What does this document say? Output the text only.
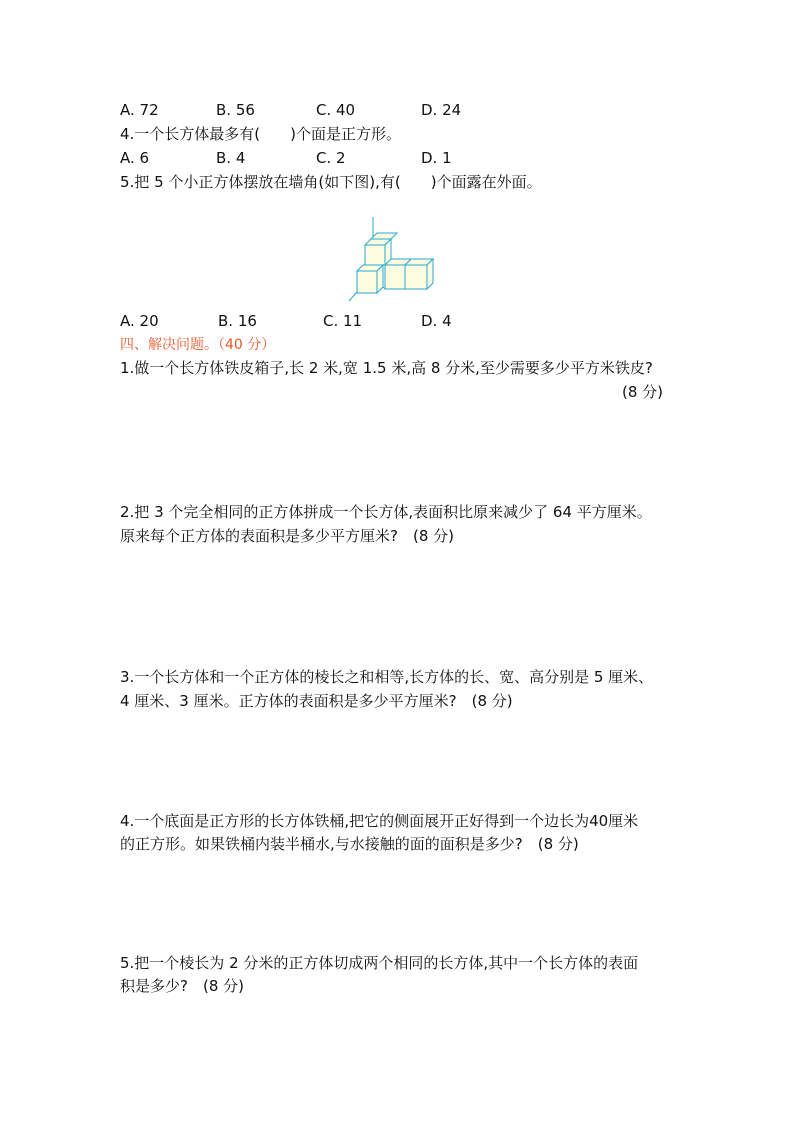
A. 72	B. 56	C. 40	D. 24
4.一个长方体最多有(　　)个面是正方形。
A. 6	B. 4	C. 2	D. 1
5.把 5 个小正方体摆放在墙角(如下图),有(　　)个面露在外面。
A. 20	B. 16	C. 11	D. 4
四、解决问题。（40 分）
1.做一个长方体铁皮箱子,长 2 米,宽 1.5 米,高 8 分米,至少需要多少平方米铁皮?
(8 分)
2.把 3 个完全相同的正方体拼成一个长方体,表面积比原来减少了 64 平方厘米。
原来每个正方体的表面积是多少平方厘米?　(8 分)
3.一个长方体和一个正方体的棱长之和相等,长方体的长、宽、高分别是 5 厘米、
4 厘米、3 厘米。正方体的表面积是多少平方厘米?　(8 分)
4.一个底面是正方形的长方体铁桶,把它的侧面展开正好得到一个边长为40厘米
的正方形。如果铁桶内装半桶水,与水接触的面的面积是多少?　(8 分)
5.把一个棱长为 2 分米的正方体切成两个相同的长方体,其中一个长方体的表面
积是多少?　(8 分)
